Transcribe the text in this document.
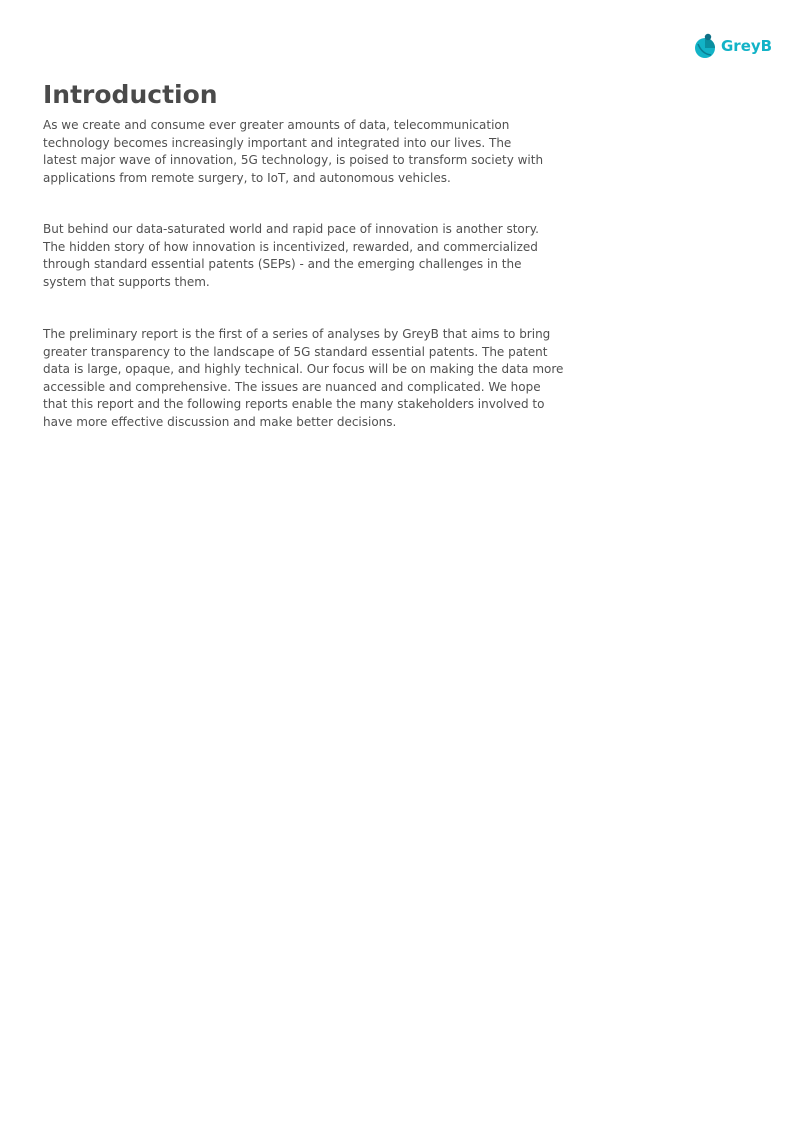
GreyB
Introduction

As we create and consume ever greater amounts of data, telecommunication
technology becomes increasingly important and integrated into our lives. The
latest major wave of innovation, 5G technology, is poised to transform society with
applications from remote surgery, to IoT, and autonomous vehicles.

But behind our data-saturated world and rapid pace of innovation is another story.
The hidden story of how innovation is incentivized, rewarded, and commercialized
through standard essential patents (SEPs) - and the emerging challenges in the
system that supports them.

The preliminary report is the first of a series of analyses by GreyB that aims to bring
greater transparency to the landscape of 5G standard essential patents. The patent
data is large, opaque, and highly technical. Our focus will be on making the data more
accessible and comprehensive. The issues are nuanced and complicated. We hope
that this report and the following reports enable the many stakeholders involved to
have more effective discussion and make better decisions.
